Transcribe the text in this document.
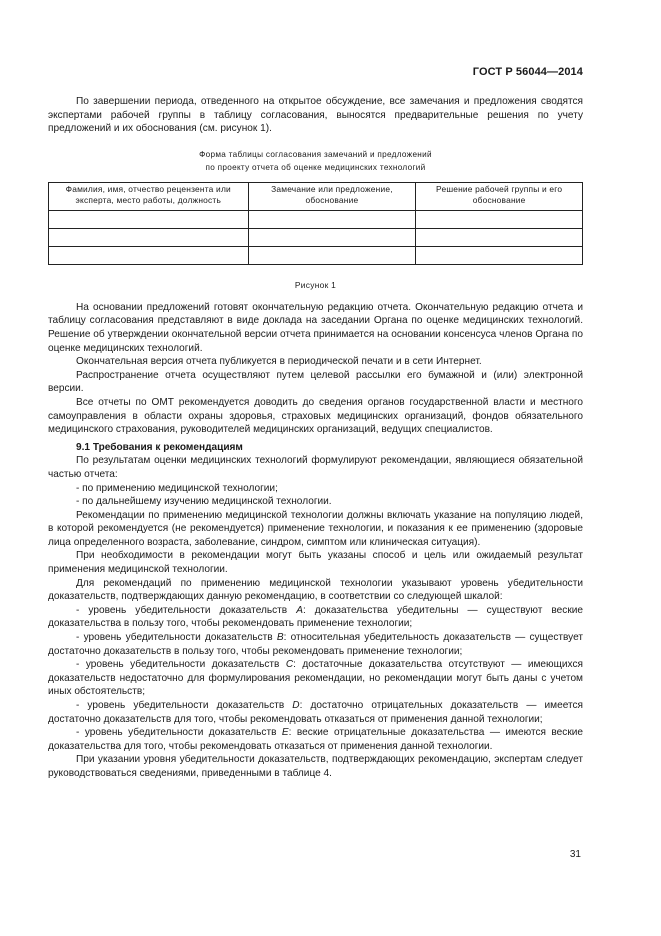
ГОСТ Р 56044—2014

По завершении периода, отведенного на открытое обсуждение, все замечания и предложения сводятся экспертами рабочей группы в таблицу согласования, выносятся предварительные решения по учету предложений и их обоснования (см. рисунок 1).

Форма таблицы согласования замечаний и предложений
по проекту отчета об оценке медицинских технологий
Фамилия, имя, отчество рецензента или эксперта, место работы, должность	Замечание или предложение, обоснование	Решение рабочей группы и его обоснование

Рисунок 1

На основании предложений готовят окончательную редакцию отчета. Окончательную редакцию отчета и таблицу согласования представляют в виде доклада на заседании Органа по оценке медицинских технологий. Решение об утверждении окончательной версии отчета принимается на основании консенсуса членов Органа по оценке медицинских технологий.

Окончательная версия отчета публикуется в периодической печати и в сети Интернет.

Распространение отчета осуществляют путем целевой рассылки его бумажной и (или) электронной версии.

Все отчеты по ОМТ рекомендуется доводить до сведения органов государственной власти и местного самоуправления в области охраны здоровья, страховых медицинских организаций, фондов обязательного медицинского страхования, руководителей медицинских организаций, ведущих специалистов.

9.1 Требования к рекомендациям

По результатам оценки медицинских технологий формулируют рекомендации, являющиеся обязательной частью отчета:

- по применению медицинской технологии;

- по дальнейшему изучению медицинской технологии.

Рекомендации по применению медицинской технологии должны включать указание на популяцию людей, в которой рекомендуется (не рекомендуется) применение технологии, и показания к ее применению (здоровые лица определенного возраста, заболевание, синдром, симптом или клиническая ситуация).

При необходимости в рекомендации могут быть указаны способ и цель или ожидаемый результат применения медицинской технологии.

Для рекомендаций по применению медицинской технологии указывают уровень убедительности доказательств, подтверждающих данную рекомендацию, в соответствии со следующей шкалой:

- уровень убедительности доказательств A: доказательства убедительны — существуют веские доказательства в пользу того, чтобы рекомендовать применение технологии;

- уровень убедительности доказательств B: относительная убедительность доказательств — существует достаточно доказательств в пользу того, чтобы рекомендовать применение технологии;

- уровень убедительности доказательств C: достаточные доказательства отсутствуют — имеющихся доказательств недостаточно для формулирования рекомендации, но рекомендации могут быть даны с учетом иных обстоятельств;

- уровень убедительности доказательств D: достаточно отрицательных доказательств — имеется достаточно доказательств для того, чтобы рекомендовать отказаться от применения данной технологии;

- уровень убедительности доказательств E: веские отрицательные доказательства — имеются веские доказательства для того, чтобы рекомендовать отказаться от применения данной технологии.

При указании уровня убедительности доказательств, подтверждающих рекомендацию, экспертам следует руководствоваться сведениями, приведенными в таблице 4.

31
